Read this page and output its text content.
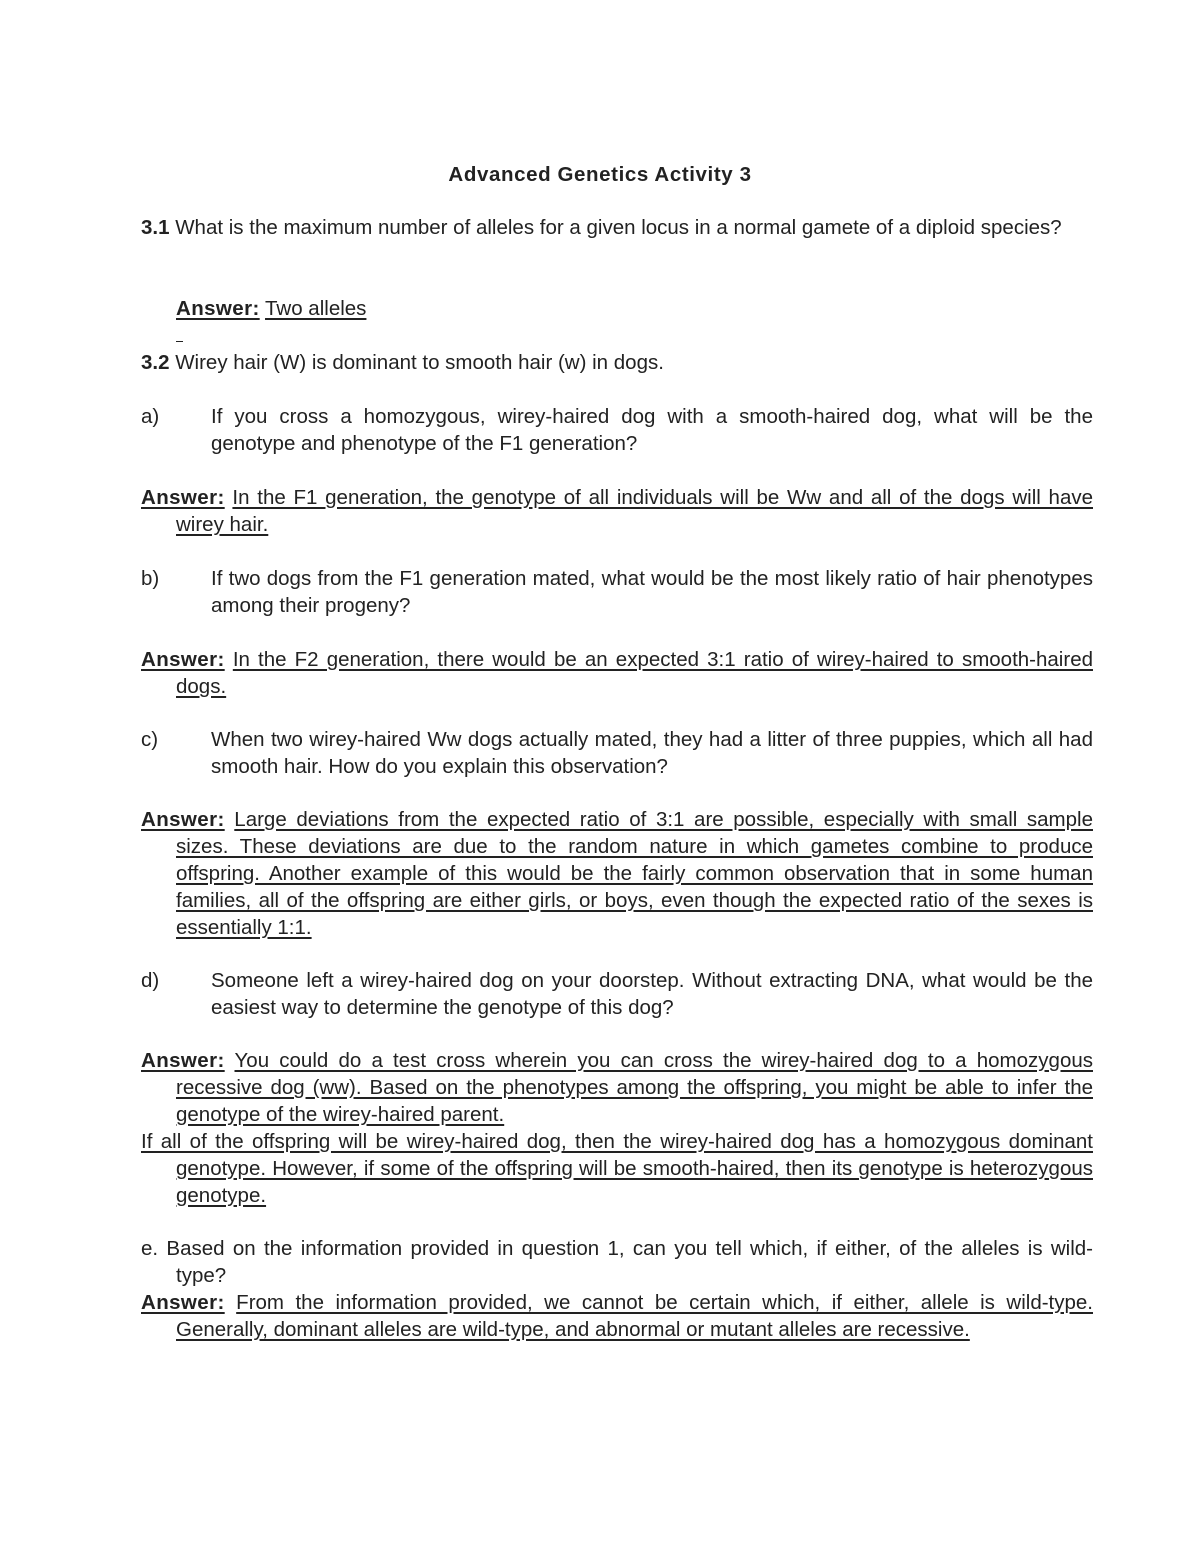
Advanced Genetics Activity 3

3.1 What is the maximum number of alleles for a given locus in a normal gamete of a diploid species?

Answer: Two alleles

3.2 Wirey hair (W) is dominant to smooth hair (w) in dogs.

a)	If you cross a homozygous, wirey-haired dog with a smooth-haired dog, what will be the genotype and phenotype of the F1 generation?

Answer: In the F1 generation, the genotype of all individuals will be Ww and all of the dogs will have wirey hair.

b)	If two dogs from the F1 generation mated, what would be the most likely ratio of hair phenotypes among their progeny?

Answer: In the F2 generation, there would be an expected 3:1 ratio of wirey-haired to smooth-haired dogs.

c)	When two wirey-haired Ww dogs actually mated, they had a litter of three puppies, which all had smooth hair. How do you explain this observation?

Answer: Large deviations from the expected ratio of 3:1 are possible, especially with small sample sizes. These deviations are due to the random nature in which gametes combine to produce offspring. Another example of this would be the fairly common observation that in some human families, all of the offspring are either girls, or boys, even though the expected ratio of the sexes is essentially 1:1.

d)	Someone left a wirey-haired dog on your doorstep. Without extracting DNA, what would be the easiest way to determine the genotype of this dog?

Answer: You could do a test cross wherein you can cross the wirey-haired dog to a homozygous recessive dog (ww). Based on the phenotypes among the offspring, you might be able to infer the genotype of the wirey-haired parent.

If all of the offspring will be wirey-haired dog, then the wirey-haired dog has a homozygous dominant genotype. However, if some of the offspring will be smooth-haired, then its genotype is heterozygous genotype.

e. Based on the information provided in question 1, can you tell which, if either, of the alleles is wild-type?

Answer: From the information provided, we cannot be certain which, if either, allele is wild-type. Generally, dominant alleles are wild-type, and abnormal or mutant alleles are recessive.
